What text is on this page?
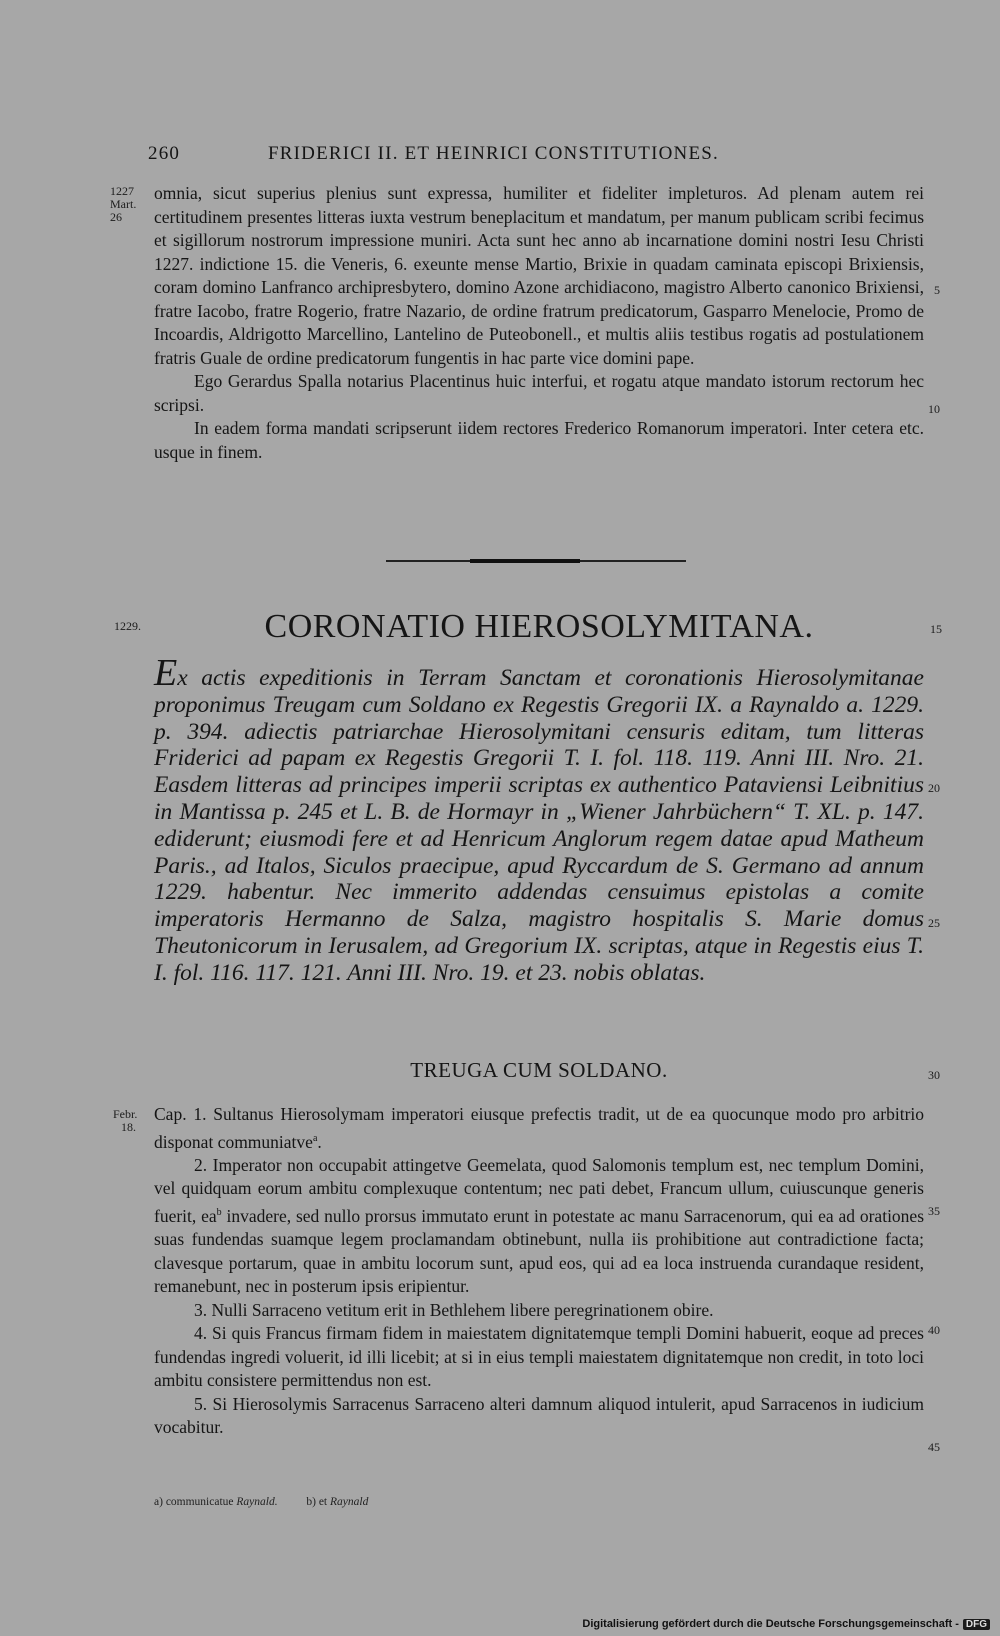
260	FRIDERICI II. ET HEINRICI CONSTITUTIONES.
1227
Mart.
26

omnia, sicut superius plenius sunt expressa, humiliter et fideliter impleturos. Ad plenam autem rei certitudinem presentes litteras iuxta vestrum beneplacitum et mandatum, per manum publicam scribi fecimus et sigillorum nostrorum impressione muniri. Acta sunt hec anno ab incarnatione domini nostri Iesu Christi 1227. indictione 15. die Veneris, 6. exeunte mense Martio, Brixie in quadam caminata episcopi Brixiensis, coram domino Lanfranco archipresbytero, domino Azone archidiacono, magistro Alberto canonico Brixiensi, fratre Iacobo, fratre Rogerio, fratre Nazario, de ordine fratrum predicatorum, Gasparro Menelocie, Promo de Incoardis, Aldrigotto Marcellino, Lantelino de Puteobonell., et multis aliis testibus rogatis ad postulationem fratris Guale de ordine predicatorum fungentis in hac parte vice domini pape.

Ego Gerardus Spalla notarius Placentinus huic interfui, et rogatu atque mandato istorum rectorum hec scripsi.

In eadem forma mandati scripserunt iidem rectores Frederico Romanorum imperatori. Inter cetera etc. usque in finem.

5
10
1229.	CORONATIO HIEROSOLYMITANA.	15
Ex actis expeditionis in Terram Sanctam et coronationis Hierosolymitanae proponimus Treugam cum Soldano ex Regestis Gregorii IX. a Raynaldo a. 1229. p. 394. adiectis patriarchae Hierosolymitani censuris editam, tum litteras Friderici ad papam ex Regestis Gregorii T. I. fol. 118. 119. Anni III. Nro. 21. Easdem litteras ad principes imperii scriptas ex authentico Pataviensi Leibnitius in Mantissa p. 245 et L. B. de Hormayr in „Wiener Jahrbüchern“ T. XL. p. 147. ediderunt; eiusmodi fere et ad Henricum Anglorum regem datae apud Matheum Paris., ad Italos, Siculos praecipue, apud Ryccardum de S. Germano ad annum 1229. habentur. Nec immerito addendas censuimus epistolas a comite imperatoris Hermanno de Salza, magistro hospitalis S. Marie domus Theutonicorum in Ierusalem, ad Gregorium IX. scriptas, atque in Regestis eius T. I. fol. 116. 117. 121. Anni III. Nro. 19. et 23. nobis oblatas.
20
25
TREUGA CUM SOLDANO.	30
Febr.
18.

Cap. 1. Sultanus Hierosolymam imperatori eiusque prefectis tradit, ut de ea quocunque modo pro arbitrio disponat communiatve$^a$.

2. Imperator non occupabit attingetve Geemelata, quod Salomonis templum est, nec templum Domini, vel quidquam eorum ambitu complexuque contentum; nec pati debet, Francum ullum, cuiuscunque generis fuerit, $ea^b$ invadere, sed nullo prorsus immutato erunt in potestate ac manu Sarracenorum, qui ea ad orationes suas fundendas suamque legem proclamandam obtinebunt, nulla iis prohibitione aut contradictione facta; clavesque portarum, quae in ambitu locorum sunt, apud eos, qui ad ea loca instruenda curandaque resident, remanebunt, nec in posterum ipsis eripientur.

3. Nulli Sarraceno vetitum erit in Bethlehem libere peregrinationem obire.

4. Si quis Francus firmam fidem in maiestatem dignitatemque templi Domini habuerit, eoque ad preces fundendas ingredi voluerit, id illi licebit; at si in eius templi maiestatem dignitatemque non credit, in toto loci ambitu consistere permittendus non est.

5. Si Hierosolymis Sarracenus Sarraceno alteri damnum aliquod intulerit, apud Sarracenos in iudicium vocabitur.

35
40
45
a) communicatue Raynald.	b) et Raynald
Digitalisierung gefördert durch die Deutsche Forschungsgemeinschaft - DFG
